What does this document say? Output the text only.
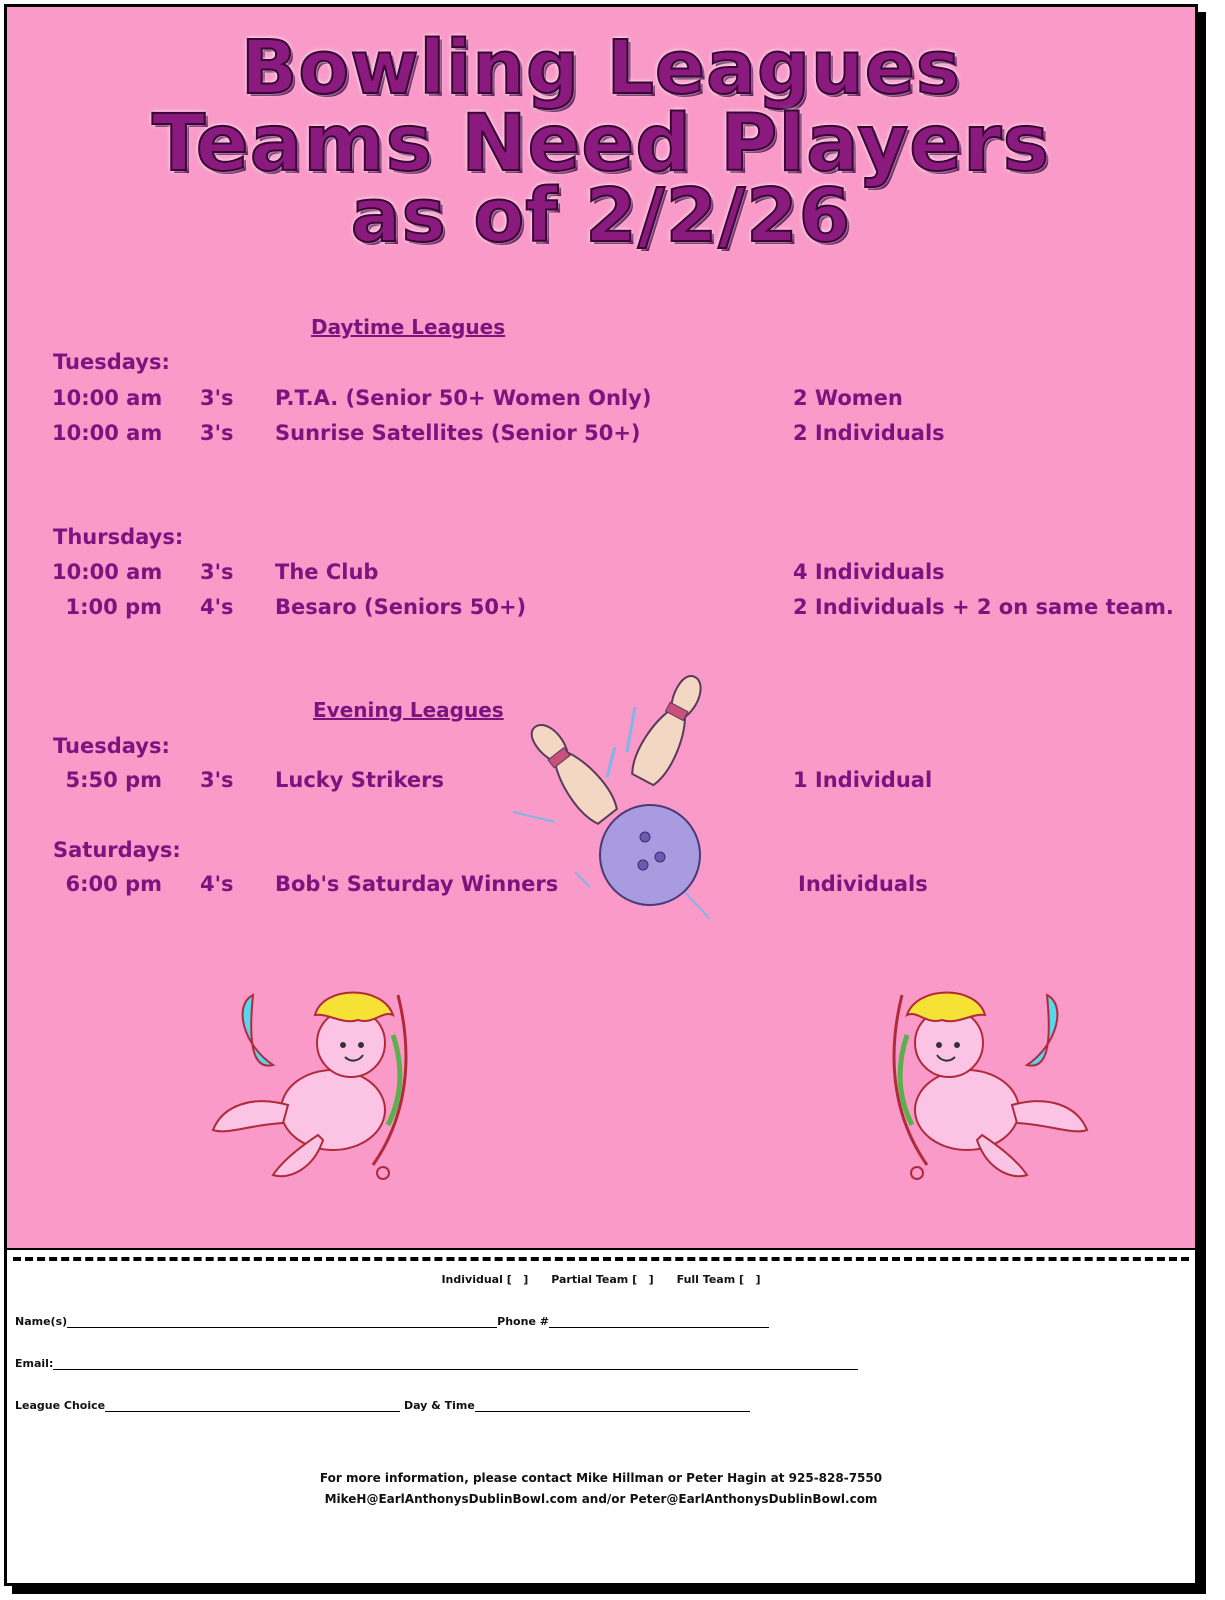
Bowling Leagues
Teams Need Players
as of 2/2/26
Daytime Leagues
Tuesdays:
10:00 am 3's P.T.A. (Senior 50+ Women Only)	2 Women
10:00 am 3's Sunrise Satellites (Senior 50+)	2 Individuals
Thursdays:
10:00 am 3's The Club	4 Individuals
1:00 pm 4's Besaro (Seniors 50+)	2 Individuals + 2 on same team.
Evening Leagues
Tuesdays:
5:50 pm 3's Lucky Strikers	1 Individual
Saturdays:
6:00 pm 4's Bob's Saturday Winners	Individuals
Individual [   ]      Partial Team [   ]      Full Team [   ]
Name(s)	Phone #
Email:
League Choice	Day & Time
For more information, please contact Mike Hillman or Peter Hagin at 925-828-7550
MikeH@EarlAnthonysDublinBowl.com and/or Peter@EarlAnthonysDublinBowl.com
